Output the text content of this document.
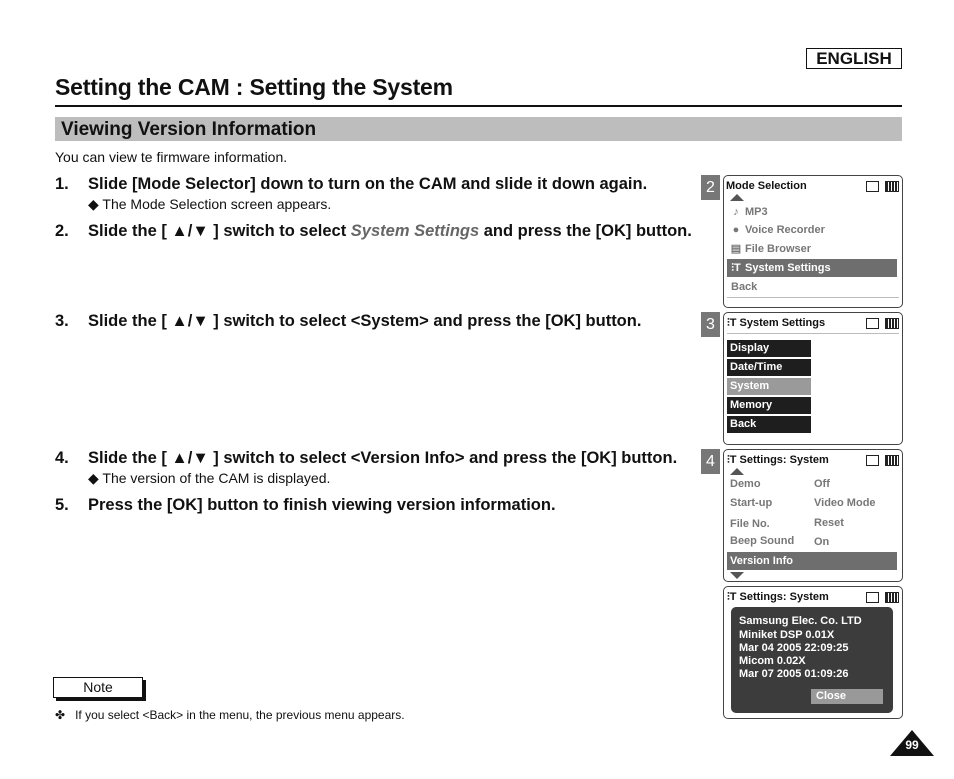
ENGLISH
Setting the CAM : Setting the System
Viewing Version Information
You can view te firmware information.
1. Slide [Mode Selector] down to turn on the CAM and slide it down again.
◆ The Mode Selection screen appears.
2. Slide the [ ▲/▼ ] switch to select System Settings and press the [OK] button.
3. Slide the [ ▲/▼ ] switch to select <System> and press the [OK] button.
4. Slide the [ ▲/▼ ] switch to select <Version Info> and press the [OK] button.
◆ The version of the CAM is displayed.
5. Press the [OK] button to finish viewing version information.
2	Mode Selection
♪ MP3
● Voice Recorder
▤ File Browser
⫶T System Settings
Back
3	⫶T System Settings
Display
Date/Time
System
Memory
Back
4	⫶T Settings: System
Demo	Off
Start-up	Video Mode
File No.	Reset
Beep Sound On
Version Info
⫶T Settings: System
Samsung Elec. Co. LTD
Miniket DSP 0.01X
Mar 04 2005 22:09:25
Micom 0.02X
Mar 07 2005 01:09:26
Close
Note
✤ If you select <Back> in the menu, the previous menu appears.
99
